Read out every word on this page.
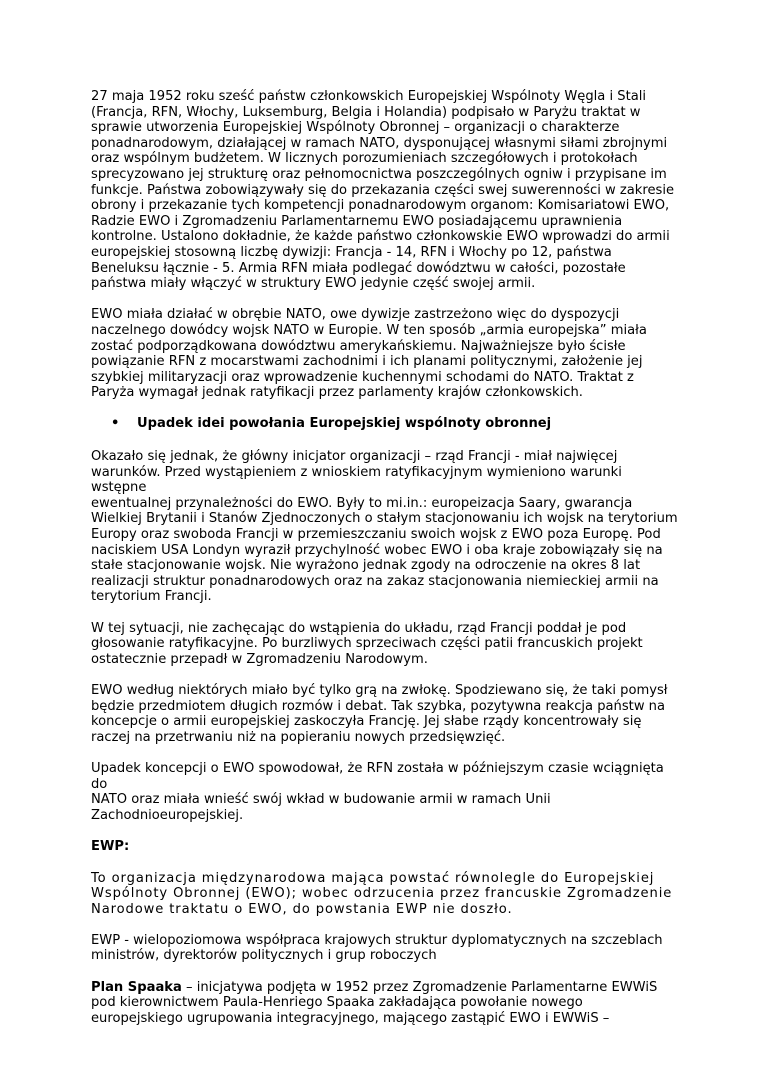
27 maja 1952 roku sześć państw członkowskich Europejskiej Wspólnoty Węgla i Stali
(Francja, RFN, Włochy, Luksemburg, Belgia i Holandia) podpisało w Paryżu traktat w
sprawie utworzenia Europejskiej Wspólnoty Obronnej – organizacji o charakterze
ponadnarodowym, działającej w ramach NATO, dysponującej własnymi siłami zbrojnymi
oraz wspólnym budżetem. W licznych porozumieniach szczegółowych i protokołach
sprecyzowano jej strukturę oraz pełnomocnictwa poszczególnych ogniw i przypisane im
funkcje. Państwa zobowiązywały się do przekazania części swej suwerenności w zakresie
obrony i przekazanie tych kompetencji ponadnarodowym organom: Komisariatowi EWO,
Radzie EWO i Zgromadzeniu Parlamentarnemu EWO posiadającemu uprawnienia
kontrolne. Ustalono dokładnie, że każde państwo członkowskie EWO wprowadzi do armii
europejskiej stosowną liczbę dywizji: Francja - 14, RFN i Włochy po 12, państwa
Beneluksu łącznie - 5. Armia RFN miała podlegać dowództwu w całości, pozostałe
państwa miały włączyć w struktury EWO jedynie część swojej armii.

EWO miała działać w obrębie NATO, owe dywizje zastrzeżono więc do dyspozycji
naczelnego dowódcy wojsk NATO w Europie. W ten sposób „armia europejska” miała
zostać podporządkowana dowództwu amerykańskiemu. Najważniejsze było ścisłe
powiązanie RFN z mocarstwami zachodnimi i ich planami politycznymi, założenie jej
szybkiej militaryzacji oraz wprowadzenie kuchennymi schodami do NATO. Traktat z
Paryża wymagał jednak ratyfikacji przez parlamenty krajów członkowskich.

•	Upadek idei powołania Europejskiej wspólnoty obronnej

Okazało się jednak, że główny inicjator organizacji – rząd Francji - miał najwięcej
warunków. Przed wystąpieniem z wnioskiem ratyfikacyjnym wymieniono warunki wstępne
ewentualnej przynależności do EWO. Były to mi.in.: europeizacja Saary, gwarancja
Wielkiej Brytanii i Stanów Zjednoczonych o stałym stacjonowaniu ich wojsk na terytorium
Europy oraz swoboda Francji w przemieszczaniu swoich wojsk z EWO poza Europę. Pod
naciskiem USA Londyn wyraził przychylność wobec EWO i oba kraje zobowiązały się na
stałe stacjonowanie wojsk. Nie wyrażono jednak zgody na odroczenie na okres 8 lat
realizacji struktur ponadnarodowych oraz na zakaz stacjonowania niemieckiej armii na
terytorium Francji.

W tej sytuacji, nie zachęcając do wstąpienia do układu, rząd Francji poddał je pod
głosowanie ratyfikacyjne. Po burzliwych sprzeciwach części patii francuskich projekt
ostatecznie przepadł w Zgromadzeniu Narodowym.

EWO według niektórych miało być tylko grą na zwłokę. Spodziewano się, że taki pomysł
będzie przedmiotem długich rozmów i debat. Tak szybka, pozytywna reakcja państw na
koncepcje o armii europejskiej zaskoczyła Francję. Jej słabe rządy koncentrowały się
raczej na przetrwaniu niż na popieraniu nowych przedsięwzięć.

Upadek koncepcji o EWO spowodował, że RFN została w późniejszym czasie wciągnięta do
NATO oraz miała wnieść swój wkład w budowanie armii w ramach Unii
Zachodnioeuropejskiej.

EWP:

To organizacja międzynarodowa mająca powstać równolegle do Europejskiej
Wspólnoty Obronnej (EWO); wobec odrzucenia przez francuskie Zgromadzenie
Narodowe traktatu o EWO, do powstania EWP nie doszło.

EWP - wielopoziomowa współpraca krajowych struktur dyplomatycznych na szczeblach
ministrów, dyrektorów politycznych i grup roboczych

Plan Spaaka – inicjatywa podjęta w 1952 przez Zgromadzenie Parlamentarne EWWiS
pod kierownictwem Paula-Henriego Spaaka zakładająca powołanie nowego
europejskiego ugrupowania integracyjnego, mającego zastąpić EWO i EWWiS –
